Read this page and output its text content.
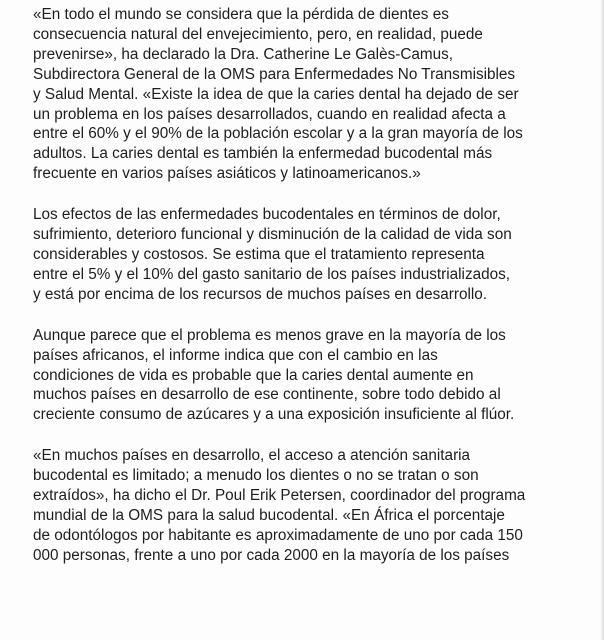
«En todo el mundo se considera que la pérdida de dientes es
consecuencia natural del envejecimiento, pero, en realidad, puede
prevenirse», ha declarado la Dra. Catherine Le Galès-Camus,
Subdirectora General de la OMS para Enfermedades No Transmisibles
y Salud Mental. «Existe la idea de que la caries dental ha dejado de ser
un problema en los países desarrollados, cuando en realidad afecta a
entre el 60% y el 90% de la población escolar y a la gran mayoría de los
adultos. La caries dental es también la enfermedad bucodental más
frecuente en varios países asiáticos y latinoamericanos.»

Los efectos de las enfermedades bucodentales en términos de dolor,
sufrimiento, deterioro funcional y disminución de la calidad de vida son
considerables y costosos. Se estima que el tratamiento representa
entre el 5% y el 10% del gasto sanitario de los países industrializados,
y está por encima de los recursos de muchos países en desarrollo.

Aunque parece que el problema es menos grave en la mayoría de los
países africanos, el informe indica que con el cambio en las
condiciones de vida es probable que la caries dental aumente en
muchos países en desarrollo de ese continente, sobre todo debido al
creciente consumo de azúcares y a una exposición insuficiente al flúor.

«En muchos países en desarrollo, el acceso a atención sanitaria
bucodental es limitado; a menudo los dientes o no se tratan o son
extraídos», ha dicho el Dr. Poul Erik Petersen, coordinador del programa
mundial de la OMS para la salud bucodental. «En África el porcentaje
de odontólogos por habitante es aproximadamente de uno por cada 150
000 personas, frente a uno por cada 2000 en la mayoría de los países
